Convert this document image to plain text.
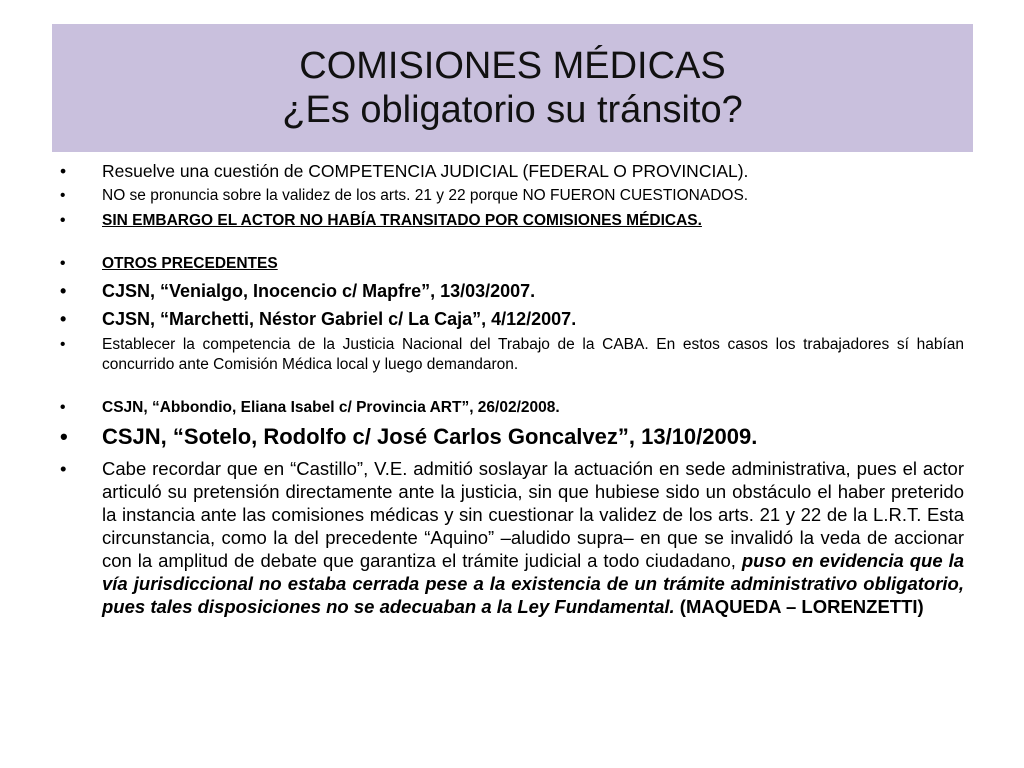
COMISIONES MÉDICAS
¿Es obligatorio su tránsito?
•	Resuelve una cuestión de COMPETENCIA JUDICIAL (FEDERAL O PROVINCIAL).
•	NO se pronuncia sobre la validez de los arts. 21 y 22 porque NO FUERON CUESTIONADOS.
•	SIN EMBARGO EL ACTOR NO HABÍA TRANSITADO POR COMISIONES MÉDICAS.
•	OTROS PRECEDENTES
•	CJSN, “Venialgo, Inocencio c/ Mapfre”, 13/03/2007.
•	CJSN, “Marchetti, Néstor Gabriel c/ La Caja”, 4/12/2007.
•	Establecer la competencia de la Justicia Nacional del Trabajo de la CABA. En estos casos los trabajadores sí habían concurrido ante Comisión Médica local y luego demandaron.
•	CSJN, “Abbondio, Eliana Isabel c/ Provincia ART”, 26/02/2008.
•	CSJN, “Sotelo, Rodolfo c/ José Carlos Goncalvez”, 13/10/2009.
•	Cabe recordar que en “Castillo”, V.E. admitió soslayar la actuación en sede administrativa, pues el actor articuló su pretensión directamente ante la justicia, sin que hubiese sido un obstáculo el haber preterido la instancia ante las comisiones médicas y sin cuestionar la validez de los arts. 21 y 22 de la L.R.T. Esta circunstancia, como la del precedente “Aquino” –aludido supra– en que se invalidó la veda de accionar con la amplitud de debate que garantiza el trámite judicial a todo ciudadano, puso en evidencia que la vía jurisdiccional no estaba cerrada pese a la existencia de un trámite administrativo obligatorio, pues tales disposiciones no se adecuaban a la Ley Fundamental. (MAQUEDA – LORENZETTI)
